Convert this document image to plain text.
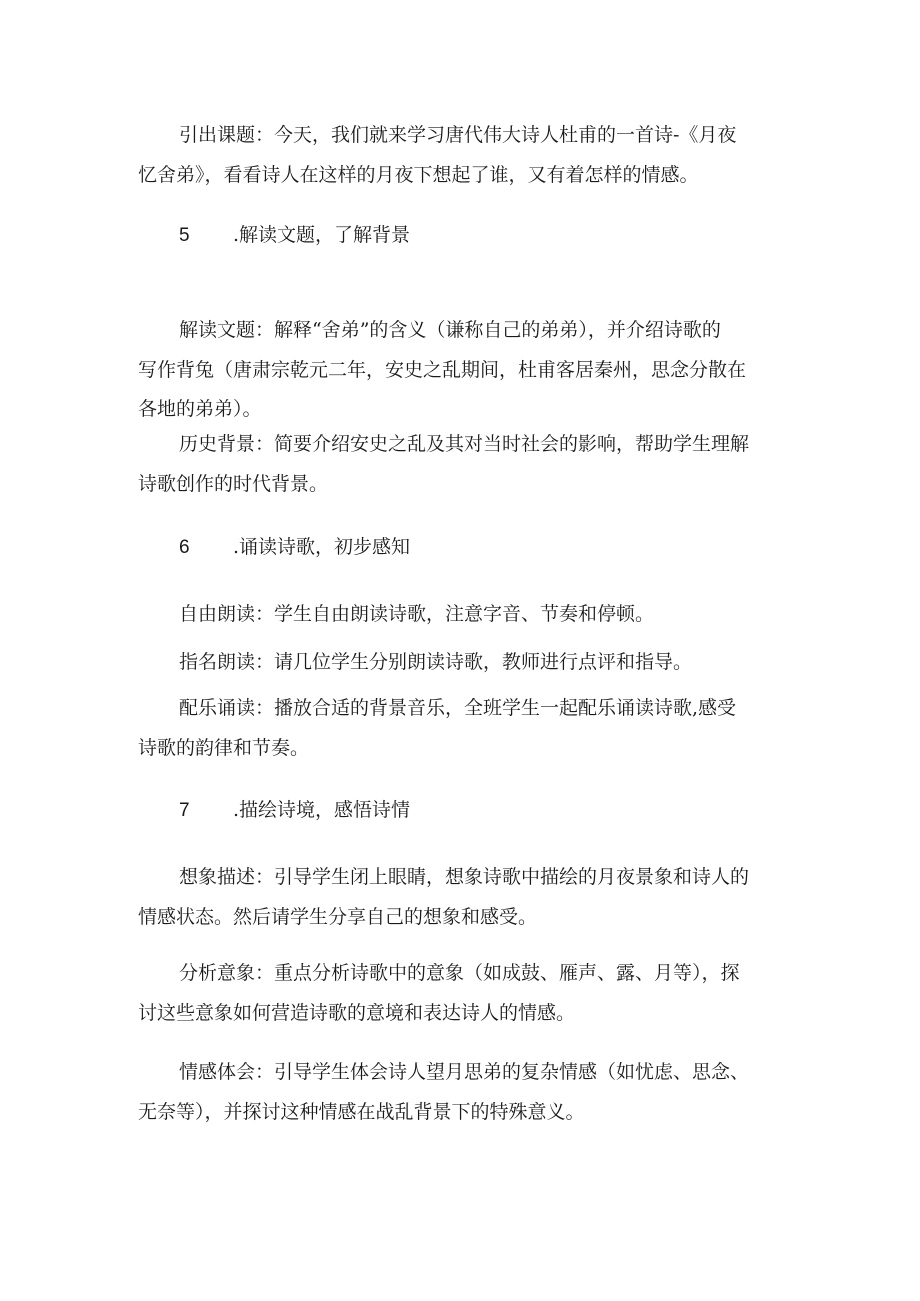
引出课题：今天，我们就来学习唐代伟大诗人杜甫的一首诗-《月夜
忆舍弟》，看看诗人在这样的月夜下想起了谁，又有着怎样的情感。
5 .解读文题，了解背景
解读文题：解释“舍弟”的含义（谦称自己的弟弟），并介绍诗歌的
写作背兔（唐肃宗乾元二年，安史之乱期间，杜甫客居秦州，思念分散在
各地的弟弟）。
历史背景：简要介绍安史之乱及其对当时社会的影响，帮助学生理解
诗歌创作的时代背景。
6 .诵读诗歌，初步感知
自由朗读：学生自由朗读诗歌，注意字音、节奏和停顿。
指名朗读：请几位学生分别朗读诗歌，教师进行点评和指导。
配乐诵读：播放合适的背景音乐，全班学生一起配乐诵读诗歌,感受
诗歌的韵律和节奏。
7 .描绘诗境，感悟诗情
想象描述：引导学生闭上眼睛，想象诗歌中描绘的月夜景象和诗人的
情感状态。然后请学生分享自己的想象和感受。
分析意象：重点分析诗歌中的意象（如成鼓、雁声、露、月等），探
讨这些意象如何营造诗歌的意境和表达诗人的情感。
情感体会：引导学生体会诗人望月思弟的复杂情感（如忧虑、思念、
无奈等），并探讨这种情感在战乱背景下的特殊意义。
